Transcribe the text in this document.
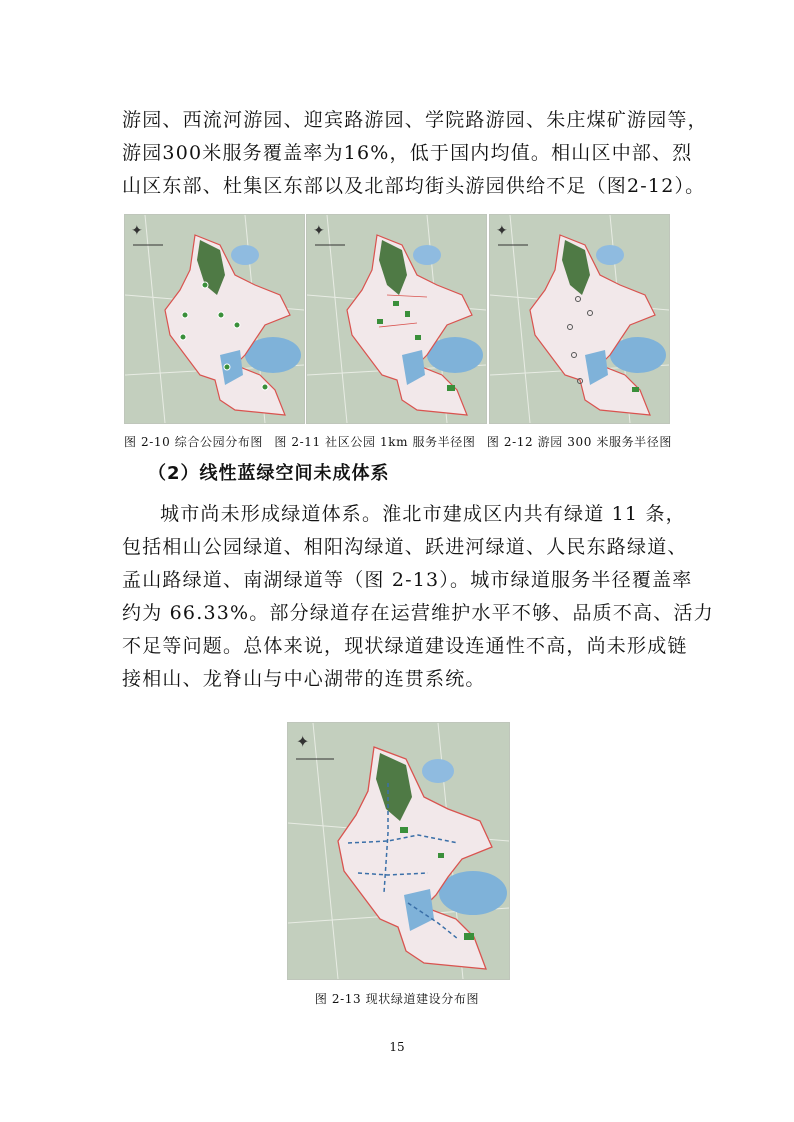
游园、西流河游园、迎宾路游园、学院路游园、朱庄煤矿游园等，
游园300米服务覆盖率为16%，低于国内均值。相山区中部、烈
山区东部、杜集区东部以及北部均街头游园供给不足（图2-12）。
✦	✦	✦
图 2-10 综合公园分布图 图 2-11 社区公园 1km 服务半径图 图 2-12 游园 300 米服务半径图
（2）线性蓝绿空间未成体系
城市尚未形成绿道体系。淮北市建成区内共有绿道 11 条，
包括相山公园绿道、相阳沟绿道、跃进河绿道、人民东路绿道、
孟山路绿道、南湖绿道等（图 2-13）。城市绿道服务半径覆盖率
约为 66.33%。部分绿道存在运营维护水平不够、品质不高、活力
不足等问题。总体来说，现状绿道建设连通性不高，尚未形成链
接相山、龙脊山与中心湖带的连贯系统。
✦
图 2-13 现状绿道建设分布图
15
